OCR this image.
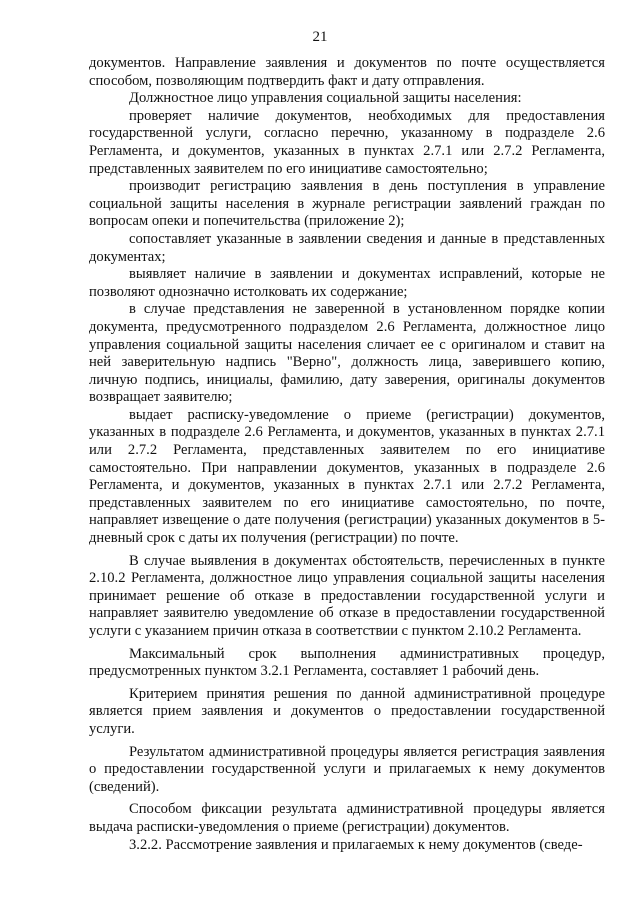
21

документов. Направление заявления и документов по почте осуществляется способом, позволяющим подтвердить факт и дату отправления.

Должностное лицо управления социальной защиты населения:

проверяет наличие документов, необходимых для предоставления государственной услуги, согласно перечню, указанному в подразделе 2.6 Регламента, и документов, указанных в пунктах 2.7.1 или 2.7.2 Регламента, представленных заявителем по его инициативе самостоятельно;

производит регистрацию заявления в день поступления в управление социальной защиты населения в журнале регистрации заявлений граждан по вопросам опеки и попечительства (приложение 2);

сопоставляет указанные в заявлении сведения и данные в представленных документах;

выявляет наличие в заявлении и документах исправлений, которые не позволяют однозначно истолковать их содержание;

в случае представления не заверенной в установленном порядке копии документа, предусмотренного подразделом 2.6 Регламента, должностное лицо управления социальной защиты населения сличает ее с оригиналом и ставит на ней заверительную надпись "Верно", должность лица, заверившего копию, личную подпись, инициалы, фамилию, дату заверения, оригиналы документов возвращает заявителю;

выдает расписку-уведомление о приеме (регистрации) документов, указанных в подразделе 2.6 Регламента, и документов, указанных в пунктах 2.7.1 или 2.7.2 Регламента, представленных заявителем по его инициативе самостоятельно. При направлении документов, указанных в подразделе 2.6 Регламента, и документов, указанных в пунктах 2.7.1 или 2.7.2 Регламента, представленных заявителем по его инициативе самостоятельно, по почте, направляет извещение о дате получения (регистрации) указанных документов в 5-дневный срок с даты их получения (регистрации) по почте.

В случае выявления в документах обстоятельств, перечисленных в пункте 2.10.2 Регламента, должностное лицо управления социальной защиты населения принимает решение об отказе в предоставлении государственной услуги и направляет заявителю уведомление об отказе в предоставлении государственной услуги с указанием причин отказа в соответствии с пунктом 2.10.2 Регламента.

Максимальный срок выполнения административных процедур, предусмотренных пунктом 3.2.1 Регламента, составляет 1 рабочий день.

Критерием принятия решения по данной административной процедуре является прием заявления и документов о предоставлении государственной услуги.

Результатом административной процедуры является регистрация заявления о предоставлении государственной услуги и прилагаемых к нему документов (сведений).

Способом фиксации результата административной процедуры является выдача расписки-уведомления о приеме (регистрации) документов.

3.2.2. Рассмотрение заявления и прилагаемых к нему документов (сведе-
